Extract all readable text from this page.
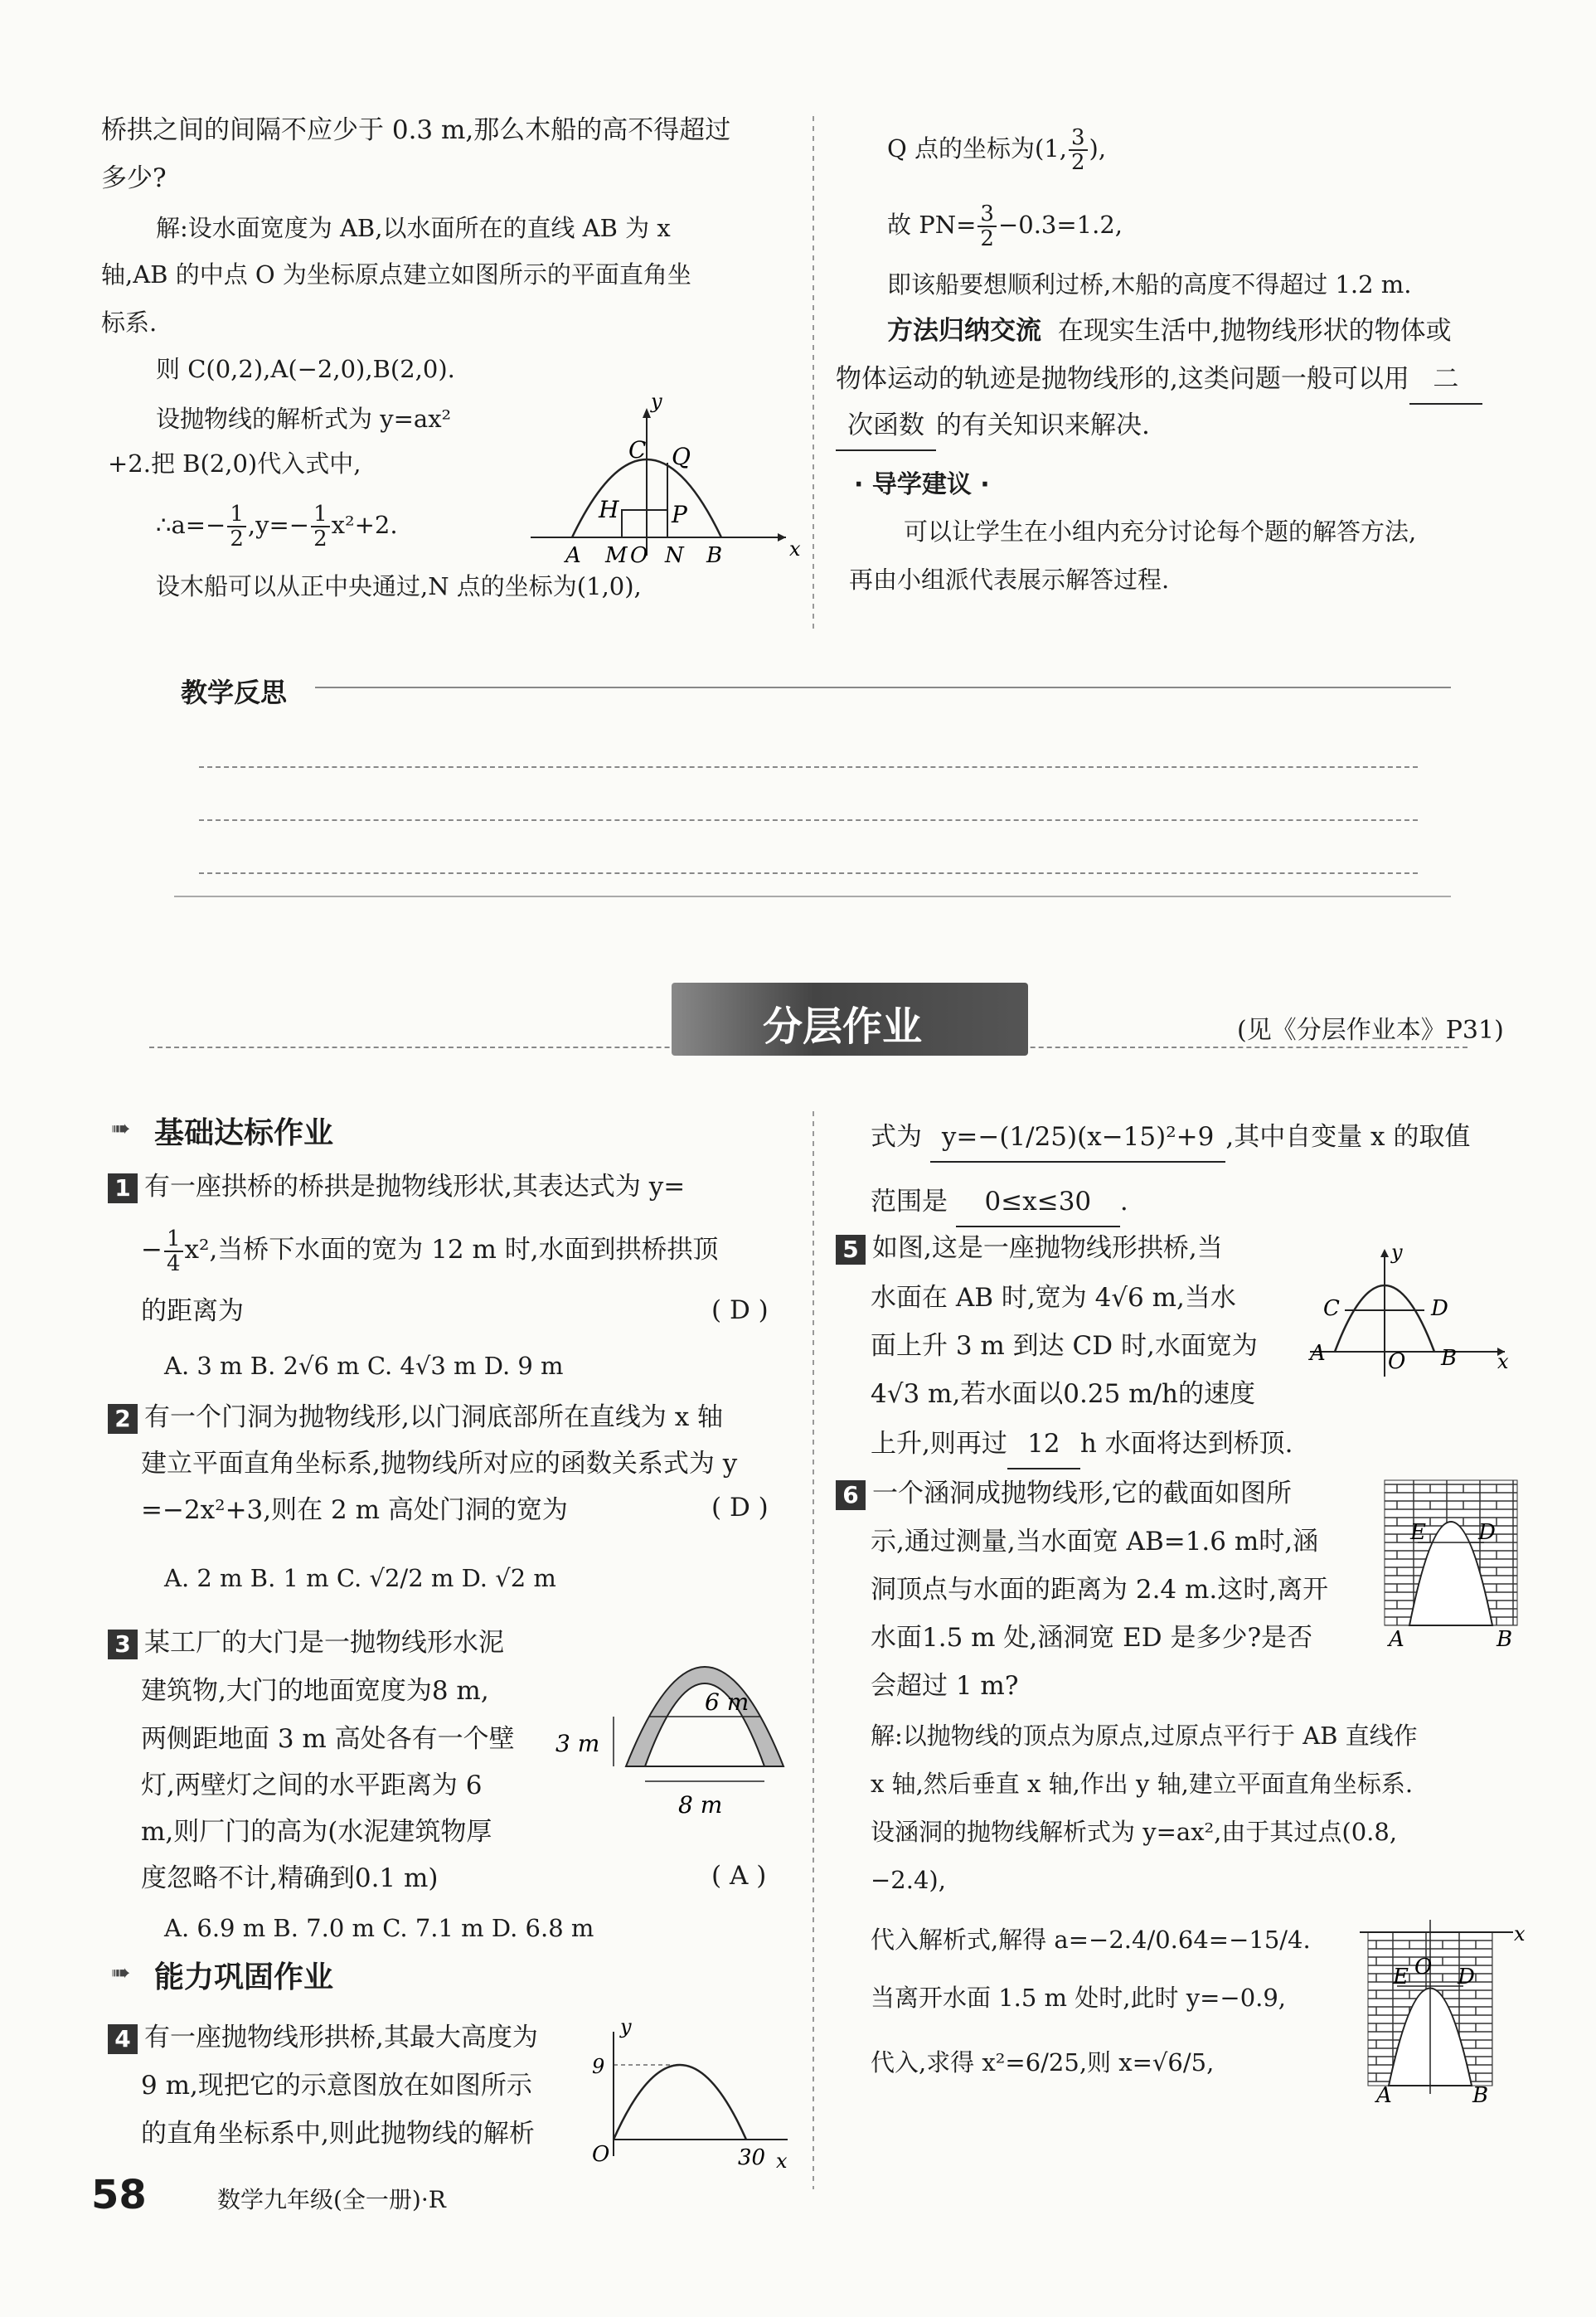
桥拱之间的间隔不应少于 0.3 m,那么木船的高不得超过
多少?
解:设水面宽度为 AB,以水面所在的直线 AB 为 x
轴,AB 的中点 O 为坐标原点建立如图所示的平面直角坐
标系.
则 C(0,2),A(−2,0),B(2,0).
设抛物线的解析式为 y=ax²
+2.把 B(2,0)代入式中,
∴a=− $\frac{1}{2} ,y=- \frac{1}{2} x^2+2$.
设木船可以从正中央通过,N 点的坐标为(1,0),
y
x
C Q
H P
A M O N B
Q 点的坐标为(1, $\frac{3}{2}$ ),
故 $PN= \frac{3}{2} -0.3=1.2$,
即该船要想顺利过桥,木船的高度不得超过 1.2 m.
方法归纳交流 在现实生活中,抛物线形状的物体或
物体运动的轨迹是抛物线形的,这类问题一般可以用 二
次函数 的有关知识来解决.
· 导学建议 ·
可以让学生在小组内充分讨论每个题的解答方法,
再由小组派代表展示解答过程.
教学反思
分层作业	(见《分层作业本》P31)
基础达标作业
➠
1 有一座拱桥的桥拱是抛物线形状,其表达式为 y=
− $\frac{1}{4} x^2$,当桥下水面的宽为 12 m 时,水面到拱桥拱顶
的距离为	( D )
A. 3 m B. 2√6 m C. 4√3 m D. 9 m
2 有一个门洞为抛物线形,以门洞底部所在直线为 x 轴
建立平面直角坐标系,抛物线所对应的函数关系式为 y
=−2x²+3,则在 2 m 高处门洞的宽为	( D )
A. 2 m B. 1 m C. √2/2 m D. √2 m
3 某工厂的大门是一抛物线形水泥
建筑物,大门的地面宽度为8 m,
两侧距地面 3 m 高处各有一个壁
灯,两壁灯之间的水平距离为 6
m,则厂门的高为(水泥建筑物厚
度忽略不计,精确到0.1 m)	( A )
A. 6.9 m B. 7.0 m C. 7.1 m D. 6.8 m
3 m
6 m
8 m
能力巩固作业
➠
4 有一座抛物线形拱桥,其最大高度为
9 m,现把它的示意图放在如图所示
的直角坐标系中,则此抛物线的解析
y
9
O	30 x
式为 y=−(1/25)(x−15)²+9 ,其中自变量 x 的取值
范围是 0≤x≤30 .
5 如图,这是一座抛物线形拱桥,当
水面在 AB 时,宽为 4√6 m,当水
面上升 3 m 到达 CD 时,水面宽为
4√3 m,若水面以0.25 m/h的速度
上升,则再过 12 h 水面将达到桥顶.
y
C	D
A	O B x
6 一个涵洞成抛物线形,它的截面如图所
示,通过测量,当水面宽 AB=1.6 m时,涵
洞顶点与水面的距离为 2.4 m.这时,离开
水面1.5 m 处,涵洞宽 ED 是多少?是否
会超过 1 m?
E D
A	B
解:以抛物线的顶点为原点,过原点平行于 AB 直线作
x 轴,然后垂直 x 轴,作出 y 轴,建立平面直角坐标系.
设涵洞的抛物线解析式为 y=ax²,由于其过点(0.8,
−2.4),
代入解析式,解得 a=−2.4/0.64=−15/4.
当离开水面 1.5 m 处时,此时 y=−0.9,
代入,求得 x²=6/25,则 x=√6/5,
x
E O D
A	B
58	数学九年级(全一册)·R
